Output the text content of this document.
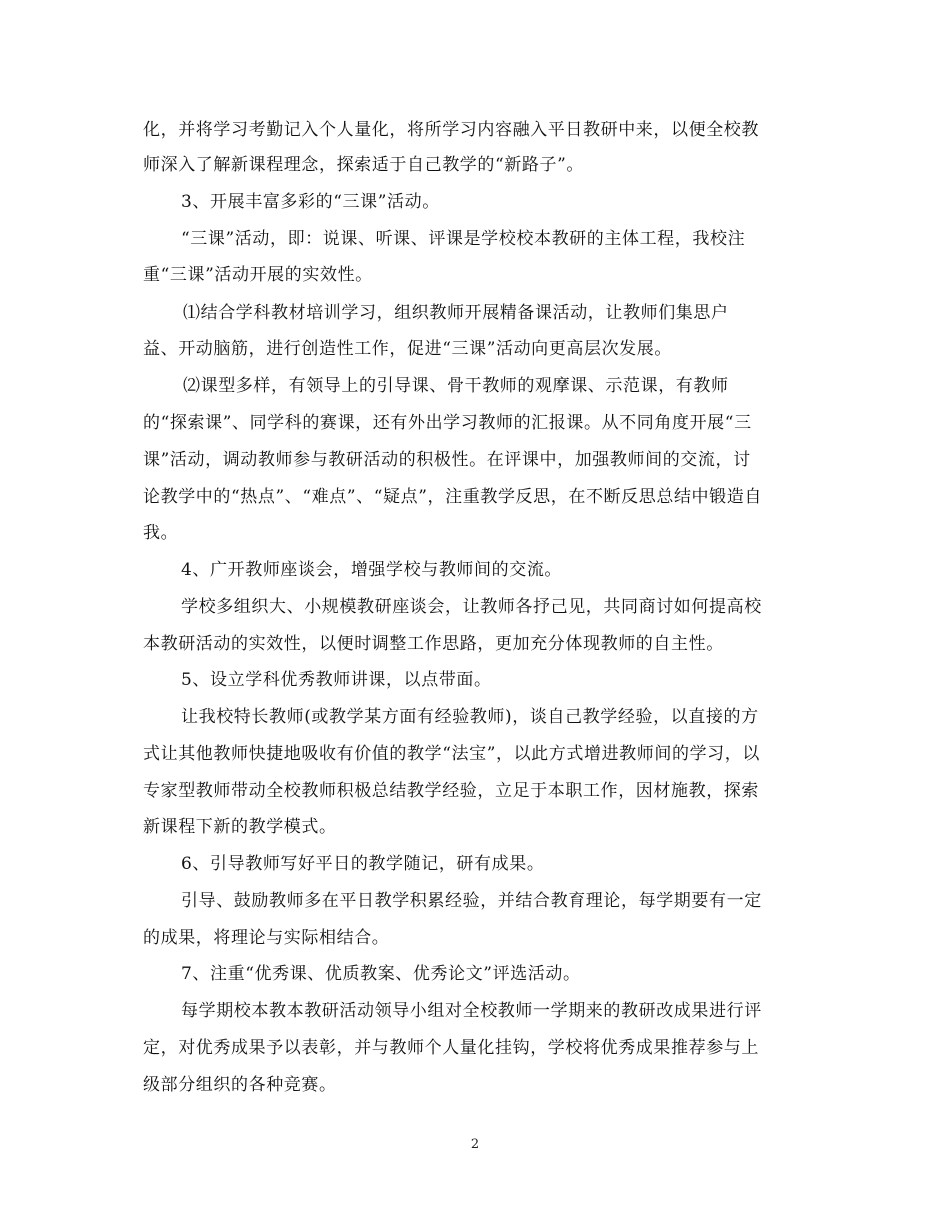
化，并将学习考勤记入个人量化，将所学习内容融入平日教研中来，以便全校教
师深入了解新课程理念，探索适于自己教学的“新路子”。
3、开展丰富多彩的“三课”活动。
“三课”活动，即：说课、听课、评课是学校校本教研的主体工程，我校注
重“三课”活动开展的实效性。
⑴结合学科教材培训学习，组织教师开展精备课活动，让教师们集思户
益、开动脑筋，进行创造性工作，促进“三课”活动向更高层次发展。
⑵课型多样，有领导上的引导课、骨干教师的观摩课、示范课，有教师
的“探索课”、同学科的赛课，还有外出学习教师的汇报课。从不同角度开展“三
课”活动，调动教师参与教研活动的积极性。在评课中，加强教师间的交流，讨
论教学中的“热点”、“难点”、“疑点”，注重教学反思，在不断反思总结中锻造自
我。
4、广开教师座谈会，增强学校与教师间的交流。
学校多组织大、小规模教研座谈会，让教师各抒己见，共同商讨如何提高校
本教研活动的实效性，以便时调整工作思路，更加充分体现教师的自主性。
5、设立学科优秀教师讲课，以点带面。
让我校特长教师(或教学某方面有经验教师)，谈自己教学经验，以直接的方
式让其他教师快捷地吸收有价值的教学“法宝”，以此方式增进教师间的学习，以
专家型教师带动全校教师积极总结教学经验，立足于本职工作，因材施教，探索
新课程下新的教学模式。
6、引导教师写好平日的教学随记，研有成果。
引导、鼓励教师多在平日教学积累经验，并结合教育理论，每学期要有一定
的成果，将理论与实际相结合。
7、注重“优秀课、优质教案、优秀论文”评选活动。
每学期校本教本教研活动领导小组对全校教师一学期来的教研改成果进行评
定，对优秀成果予以表彰，并与教师个人量化挂钩，学校将优秀成果推荐参与上
级部分组织的各种竞赛。
2
